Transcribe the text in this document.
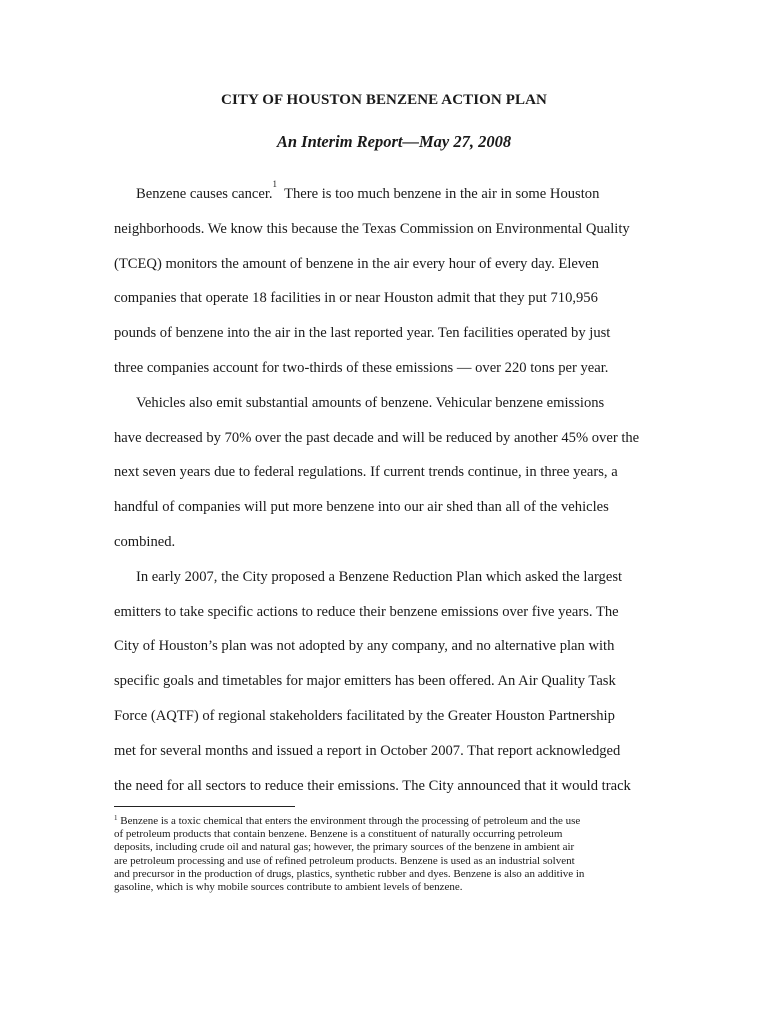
CITY OF HOUSTON BENZENE ACTION PLAN
An Interim Report—May 27, 2008

Benzene causes cancer.$^1$  There is too much benzene in the air in some Houston
neighborhoods. We know this because the Texas Commission on Environmental Quality
(TCEQ) monitors the amount of benzene in the air every hour of every day. Eleven
companies that operate 18 facilities in or near Houston admit that they put 710,956
pounds of benzene into the air in the last reported year. Ten facilities operated by just
three companies account for two-thirds of these emissions — over 220 tons per year.

Vehicles also emit substantial amounts of benzene. Vehicular benzene emissions
have decreased by 70% over the past decade and will be reduced by another 45% over the
next seven years due to federal regulations. If current trends continue, in three years, a
handful of companies will put more benzene into our air shed than all of the vehicles
combined.

In early 2007, the City proposed a Benzene Reduction Plan which asked the largest
emitters to take specific actions to reduce their benzene emissions over five years. The
City of Houston’s plan was not adopted by any company, and no alternative plan with
specific goals and timetables for major emitters has been offered. An Air Quality Task
Force (AQTF) of regional stakeholders facilitated by the Greater Houston Partnership
met for several months and issued a report in October 2007. That report acknowledged
the need for all sectors to reduce their emissions. The City announced that it would track

$^1$ Benzene is a toxic chemical that enters the environment through the processing of petroleum and the use
of petroleum products that contain benzene. Benzene is a constituent of naturally occurring petroleum
deposits, including crude oil and natural gas; however, the primary sources of the benzene in ambient air
are petroleum processing and use of refined petroleum products. Benzene is used as an industrial solvent
and precursor in the production of drugs, plastics, synthetic rubber and dyes. Benzene is also an additive in
gasoline, which is why mobile sources contribute to ambient levels of benzene.
